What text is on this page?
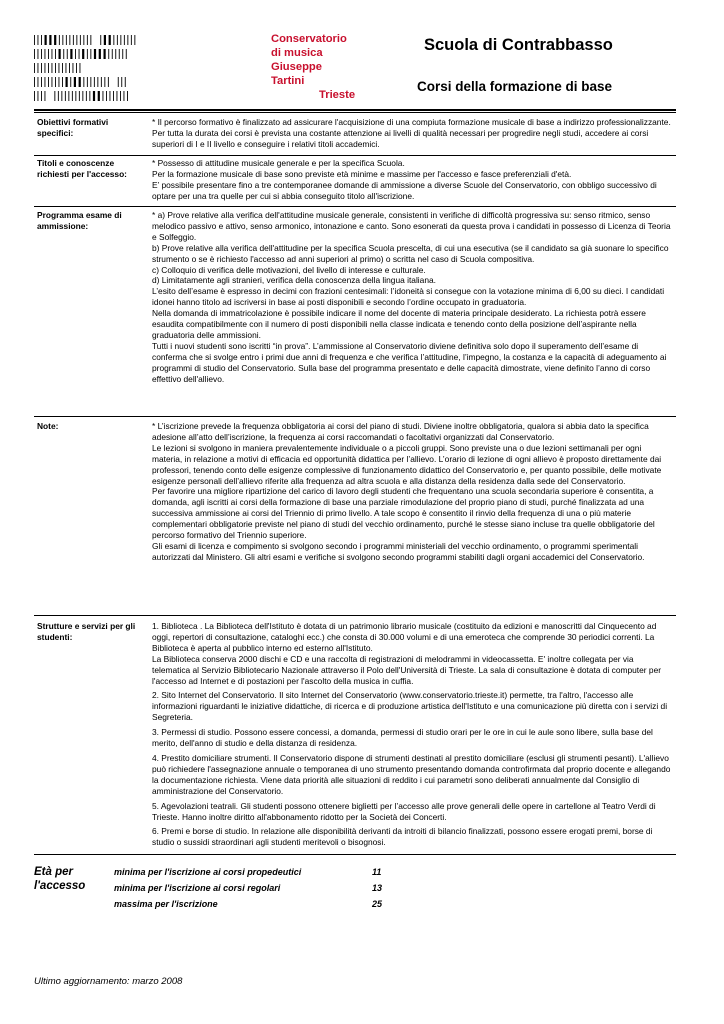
Conservatorio
di musica
Giuseppe
Tartini
Trieste
Scuola di Contrabbasso
Corsi della formazione di base
Obiettivi formativi specifici:

* Il percorso formativo è finalizzato ad assicurare l'acquisizione di una compiuta formazione musicale di base a indirizzo professionalizzante. Per tutta la durata dei corsi è prevista una costante attenzione ai livelli di qualità necessari per progredire negli studi, accedere ai corsi superiori di I e II livello e conseguire i relativi titoli accademici.

Titoli e conoscenze richiesti per l'accesso:

* Possesso di attitudine musicale generale e per la specifica Scuola.

Per la formazione musicale di base sono previste età minime e massime per l'accesso e fasce preferenziali d'età.

E’ possibile presentare fino a tre contemporanee domande di ammissione a diverse Scuole del Conservatorio, con obbligo successivo di optare per una tra quelle per cui si abbia conseguito titolo all'iscrizione.

Programma esame di ammissione:

* a) Prove relative alla verifica dell'attitudine musicale generale, consistenti in verifiche di difficoltà progressiva su: senso ritmico, senso melodico passivo e attivo, senso armonico, intonazione e canto. Sono esonerati da questa prova i candidati in possesso di Licenza di Teoria e Solfeggio.

b) Prove relative alla verifica dell'attitudine per la specifica Scuola prescelta, di cui una esecutiva (se il candidato sa già suonare lo specifico strumento o se è richiesto l'accesso ad anni superiori al primo) o scritta nel caso di Scuola compositiva.

c) Colloquio di verifica delle motivazioni, del livello di interesse e culturale.

d) Limitatamente agli stranieri, verifica della conoscenza della lingua italiana.

L’esito dell’esame è espresso in decimi con frazioni centesimali: l’idoneità si consegue con la votazione minima di 6,00 su dieci. I candidati idonei hanno titolo ad iscriversi in base ai posti disponibili e secondo l’ordine occupato in graduatoria.

Nella domanda di immatricolazione è possibile indicare il nome del docente di materia principale desiderato. La richiesta potrà essere esaudita compatibilmente con il numero di posti disponibili nella classe indicata e tenendo conto della posizione dell’aspirante nella graduatoria delle ammissioni.

Tutti i nuovi studenti sono iscritti “in prova”. L’ammissione al Conservatorio diviene definitiva solo dopo il superamento dell’esame di conferma che si svolge entro i primi due anni di frequenza e che verifica l’attitudine, l’impegno, la costanza e la capacità di adeguamento ai programmi di studio del Conservatorio. Sulla base del programma presentato e delle capacità dimostrate, viene definito l’anno di corso effettivo dell'allievo.

Note:	* L’iscrizione prevede la frequenza obbligatoria ai corsi del piano di studi. Diviene inoltre obbligatoria, qualora si abbia dato la specifica adesione all’atto dell’iscrizione, la frequenza ai corsi raccomandati o facoltativi organizzati dal Conservatorio.

Le lezioni si svolgono in maniera prevalentemente individuale o a piccoli gruppi. Sono previste una o due lezioni settimanali per ogni materia, in relazione a motivi di efficacia ed opportunità didattica per l’allievo. L’orario di lezione di ogni allievo è proposto direttamente dai professori, tenendo conto delle esigenze complessive di funzionamento didattico del Conservatorio e, per quanto possibile, delle motivate esigenze personali dell’allievo riferite alla frequenza ad altra scuola e alla distanza della residenza dalla sede del Conservatorio.

Per favorire una migliore ripartizione del carico di lavoro degli studenti che frequentano una scuola secondaria superiore è consentita, a domanda, agli iscritti ai corsi della formazione di base una parziale rimodulazione del proprio piano di studi, purché finalizzata ad una successiva ammissione ai corsi del Triennio di primo livello. A tale scopo è consentito il rinvio della frequenza di una o più materie complementari obbligatorie previste nel piano di studi del vecchio ordinamento, purché le stesse siano incluse tra quelle obbligatorie del percorso formativo del Triennio superiore.

Gli esami di licenza e compimento si svolgono secondo i programmi ministeriali del vecchio ordinamento, o programmi sperimentali autorizzati dal Ministero. Gli altri esami e verifiche si svolgono secondo programmi stabiliti dagli organi accademici del Conservatorio.

Strutture e servizi per gli studenti:

1. Biblioteca . La Biblioteca dell'Istituto è dotata di un patrimonio librario musicale (costituito da edizioni e manoscritti dal Cinquecento ad oggi, repertori di consultazione, cataloghi ecc.) che consta di 30.000 volumi e di una emeroteca che comprende 30 periodici correnti. La Biblioteca è aperta al pubblico interno ed esterno all'Istituto.

La Biblioteca conserva 2000 dischi e CD e una raccolta di registrazioni di melodrammi in videocassetta. E' inoltre collegata per via telematica al Servizio Bibliotecario Nazionale attraverso il Polo dell'Università di Trieste. La sala di consultazione è dotata di computer per l'accesso ad Internet e di postazioni per l'ascolto della musica in cuffia.

2. Sito Internet del Conservatorio. Il sito Internet del Conservatorio (www.conservatorio.trieste.it) permette, tra l'altro, l'accesso alle informazioni riguardanti le iniziative didattiche, di ricerca e di produzione artistica dell'Istituto e una comunicazione più diretta con i servizi di Segreteria.

3. Permessi di studio. Possono essere concessi, a domanda, permessi di studio orari per le ore in cui le aule sono libere, sulla base del merito, dell'anno di studio e della distanza di residenza.

4. Prestito domiciliare strumenti. Il Conservatorio dispone di strumenti destinati al prestito domiciliare (esclusi gli strumenti pesanti). L'allievo può richiedere l'assegnazione annuale o temporanea di uno strumento presentando domanda controfirmata dal proprio docente e allegando la documentazione richiesta. Viene data priorità alle situazioni di reddito i cui parametri sono deliberati annualmente dal Consiglio di amministrazione del Conservatorio.

5. Agevolazioni teatrali. Gli studenti possono ottenere biglietti per l’accesso alle prove generali delle opere in cartellone al Teatro Verdi di Trieste. Hanno inoltre diritto all'abbonamento ridotto per la Società dei Concerti.

6. Premi e borse di studio. In relazione alle disponibilità derivanti da introiti di bilancio finalizzati, possono essere erogati premi, borse di studio o sussidi straordinari agli studenti meritevoli o bisognosi.

Età per l'accesso
minima per l'iscrizione ai corsi propedeutici	11
minima per l'iscrizione ai corsi regolari	13
massima per l'iscrizione	25
Ultimo aggiornamento: marzo 2008
